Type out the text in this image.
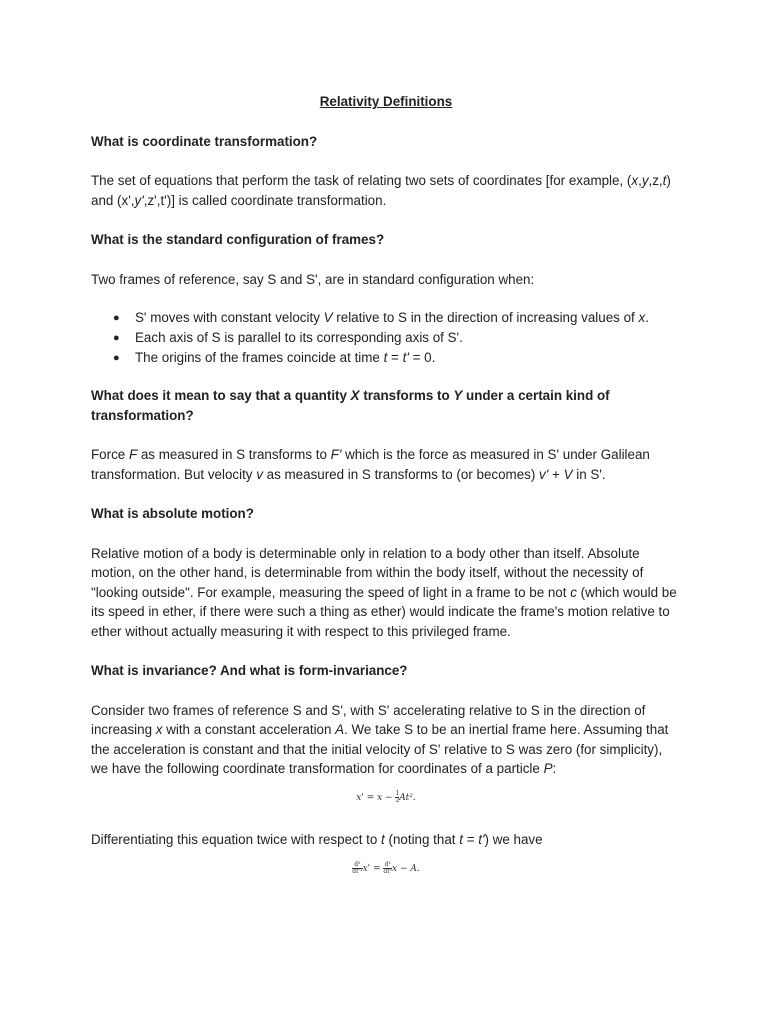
Relativity Definitions
What is coordinate transformation?

The set of equations that perform the task of relating two sets of coordinates [for example, (x,y,z,t) and (x',y',z',t')] is called coordinate transformation.

What is the standard configuration of frames?

Two frames of reference, say S and S', are in standard configuration when:

● S' moves with constant velocity V relative to S in the direction of increasing values of x.
● Each axis of S is parallel to its corresponding axis of S'.
● The origins of the frames coincide at time t = t' = 0.
What does it mean to say that a quantity X transforms to Y under a certain kind of transformation?

Force F as measured in S transforms to F' which is the force as measured in S' under Galilean transformation. But velocity v as measured in S transforms to (or becomes) v' + V in S'.

What is absolute motion?

Relative motion of a body is determinable only in relation to a body other than itself. Absolute motion, on the other hand, is determinable from within the body itself, without the necessity of "looking outside". For example, measuring the speed of light in a frame to be not c (which would be its speed in ether, if there were such a thing as ether) would indicate the frame's motion relative to ether without actually measuring it with respect to this privileged frame.

What is invariance? And what is form-invariance?

Consider two frames of reference S and S', with S' accelerating relative to S in the direction of increasing x with a constant acceleration A. We take S to be an inertial frame here. Assuming that the acceleration is constant and that the initial velocity of S' relative to S was zero (for simplicity), we have the following coordinate transformation for coordinates of a particle P:

$x' = x - \frac{1}{2} At^2$.

Differentiating this equation twice with respect to t (noting that t = t') we have

$\frac{\text{d²}}{\text{dt'²}} x' = \frac{\text{d²}}{\text{dt²}}$ x − A.
